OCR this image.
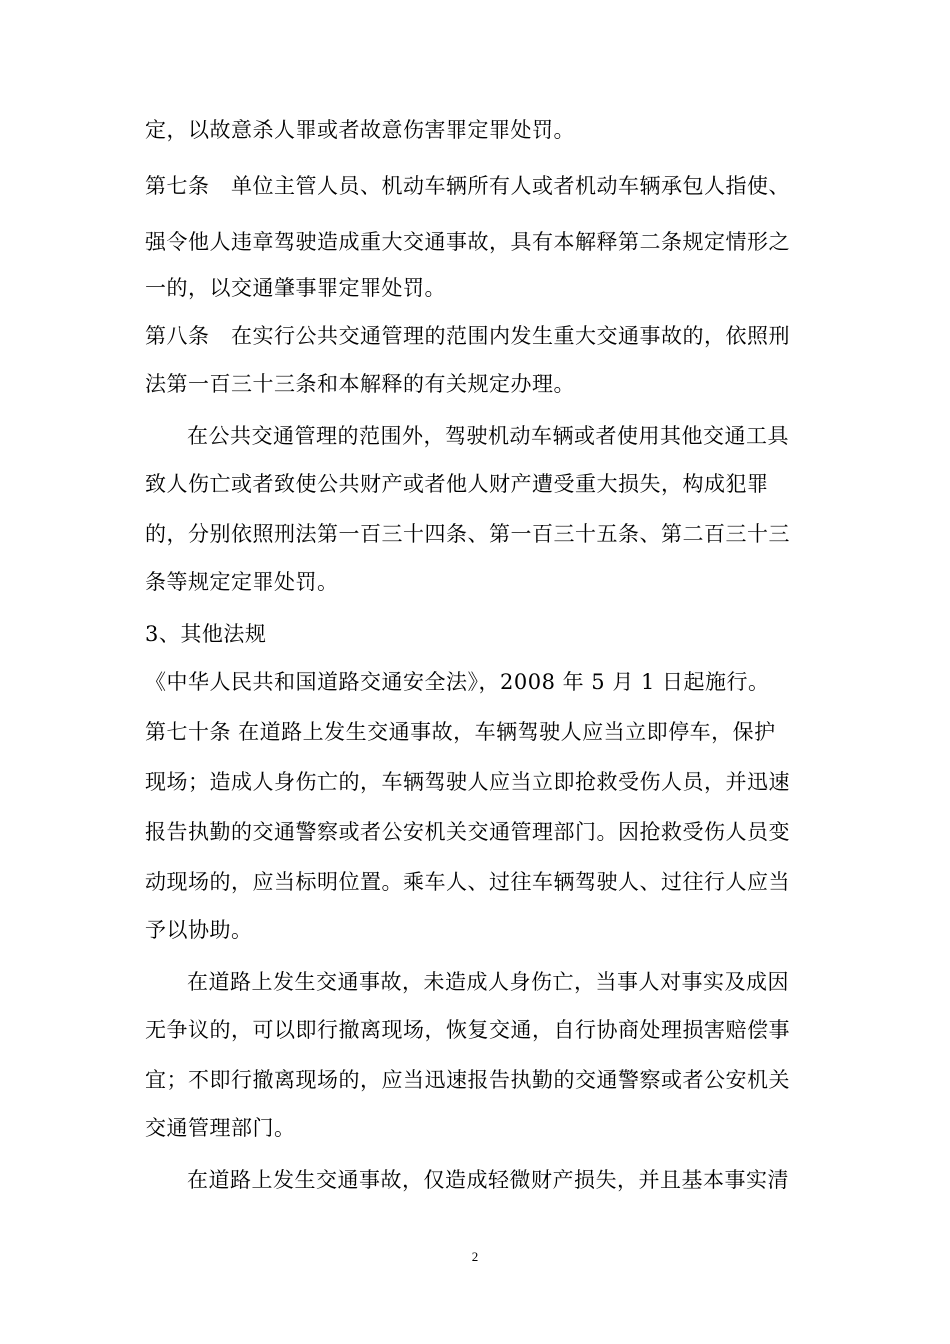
定，以故意杀人罪或者故意伤害罪定罪处罚。
第七条　单位主管人员、机动车辆所有人或者机动车辆承包人指使、
强令他人违章驾驶造成重大交通事故，具有本解释第二条规定情形之
一的，以交通肇事罪定罪处罚。
第八条　在实行公共交通管理的范围内发生重大交通事故的，依照刑
法第一百三十三条和本解释的有关规定办理。
在公共交通管理的范围外，驾驶机动车辆或者使用其他交通工具
致人伤亡或者致使公共财产或者他人财产遭受重大损失，构成犯罪
的，分别依照刑法第一百三十四条、第一百三十五条、第二百三十三
条等规定定罪处罚。
3、其他法规
《中华人民共和国道路交通安全法》，2008 年 5 月 1 日起施行。
第七十条 在道路上发生交通事故，车辆驾驶人应当立即停车，保护
现场；造成人身伤亡的，车辆驾驶人应当立即抢救受伤人员，并迅速
报告执勤的交通警察或者公安机关交通管理部门。因抢救受伤人员变
动现场的，应当标明位置。乘车人、过往车辆驾驶人、过往行人应当
予以协助。
在道路上发生交通事故，未造成人身伤亡，当事人对事实及成因
无争议的，可以即行撤离现场，恢复交通，自行协商处理损害赔偿事
宜；不即行撤离现场的，应当迅速报告执勤的交通警察或者公安机关
交通管理部门。
在道路上发生交通事故，仅造成轻微财产损失，并且基本事实清
2
